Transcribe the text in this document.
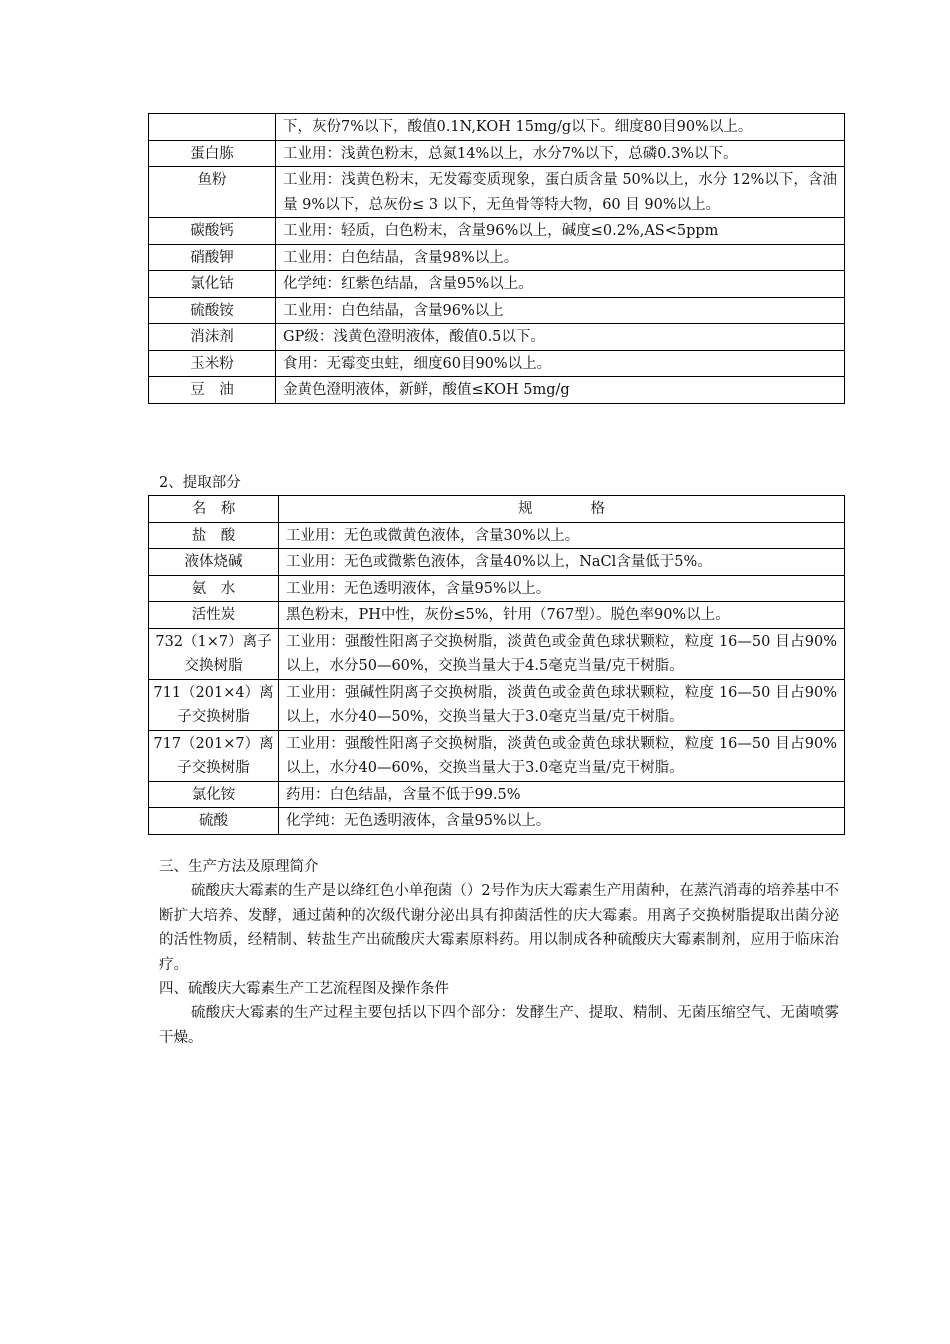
	下，灰份7%以下，酸值0.1N,KOH 15mg/g以下。细度80目90%以上。
蛋白胨	工业用：浅黄色粉末，总氮14%以上，水分7%以下，总磷0.3%以下。
鱼粉	工业用：浅黄色粉末，无发霉变质现象，蛋白质含量 50%以上，水分 12%以下，含油量 9%以下，总灰份≤ 3 以下，无鱼骨等特大物，60 目 90%以上。
碳酸钙	工业用：轻质，白色粉末，含量96%以上，碱度≤0.2%,AS<5ppm
硝酸钾	工业用：白色结晶，含量98%以上。
氯化钴	化学纯：红紫色结晶，含量95%以上。
硫酸铵	工业用：白色结晶，含量96%以上
消沫剂	GP级：浅黄色澄明液体，酸值0.5以下。
玉米粉	食用：无霉变虫蛀，细度60目90%以上。
豆　油	金黄色澄明液体，新鲜，酸值≤KOH 5mg/g
2、提取部分
名　称	规　　　　格
盐　酸	工业用：无色或微黄色液体，含量30%以上。
液体烧碱	工业用：无色或微紫色液体，含量40%以上，NaCl含量低于5%。
氨　水	工业用：无色透明液体，含量95%以上。
活性炭	黑色粉末，PH中性，灰份≤5%，针用（767型）。脱色率90%以上。
732（1×7）离子交换树脂	工业用：强酸性阳离子交换树脂，淡黄色或金黄色球状颗粒，粒度 16—50 目占90%以上，水分50—60%，交换当量大于4.5毫克当量/克干树脂。
711（201×4）离子交换树脂	工业用：强碱性阴离子交换树脂，淡黄色或金黄色球状颗粒，粒度 16—50 目占90%以上，水分40—50%，交换当量大于3.0毫克当量/克干树脂。
717（201×7）离子交换树脂	工业用：强酸性阳离子交换树脂，淡黄色或金黄色球状颗粒，粒度 16—50 目占90%以上，水分40—60%，交换当量大于3.0毫克当量/克干树脂。
氯化铵	药用：白色结晶，含量不低于99.5%
硫酸	化学纯：无色透明液体，含量95%以上。
三、生产方法及原理简介
硫酸庆大霉素的生产是以绛红色小单孢菌（）2号作为庆大霉素生产用菌种，在蒸汽消毒的培养基中不断扩大培养、发酵，通过菌种的次级代谢分泌出具有抑菌活性的庆大霉素。用离子交换树脂提取出菌分泌的活性物质，经精制、转盐生产出硫酸庆大霉素原料药。用以制成各种硫酸庆大霉素制剂，应用于临床治疗。
四、硫酸庆大霉素生产工艺流程图及操作条件
硫酸庆大霉素的生产过程主要包括以下四个部分：发酵生产、提取、精制、无菌压缩空气、无菌喷雾干燥。
